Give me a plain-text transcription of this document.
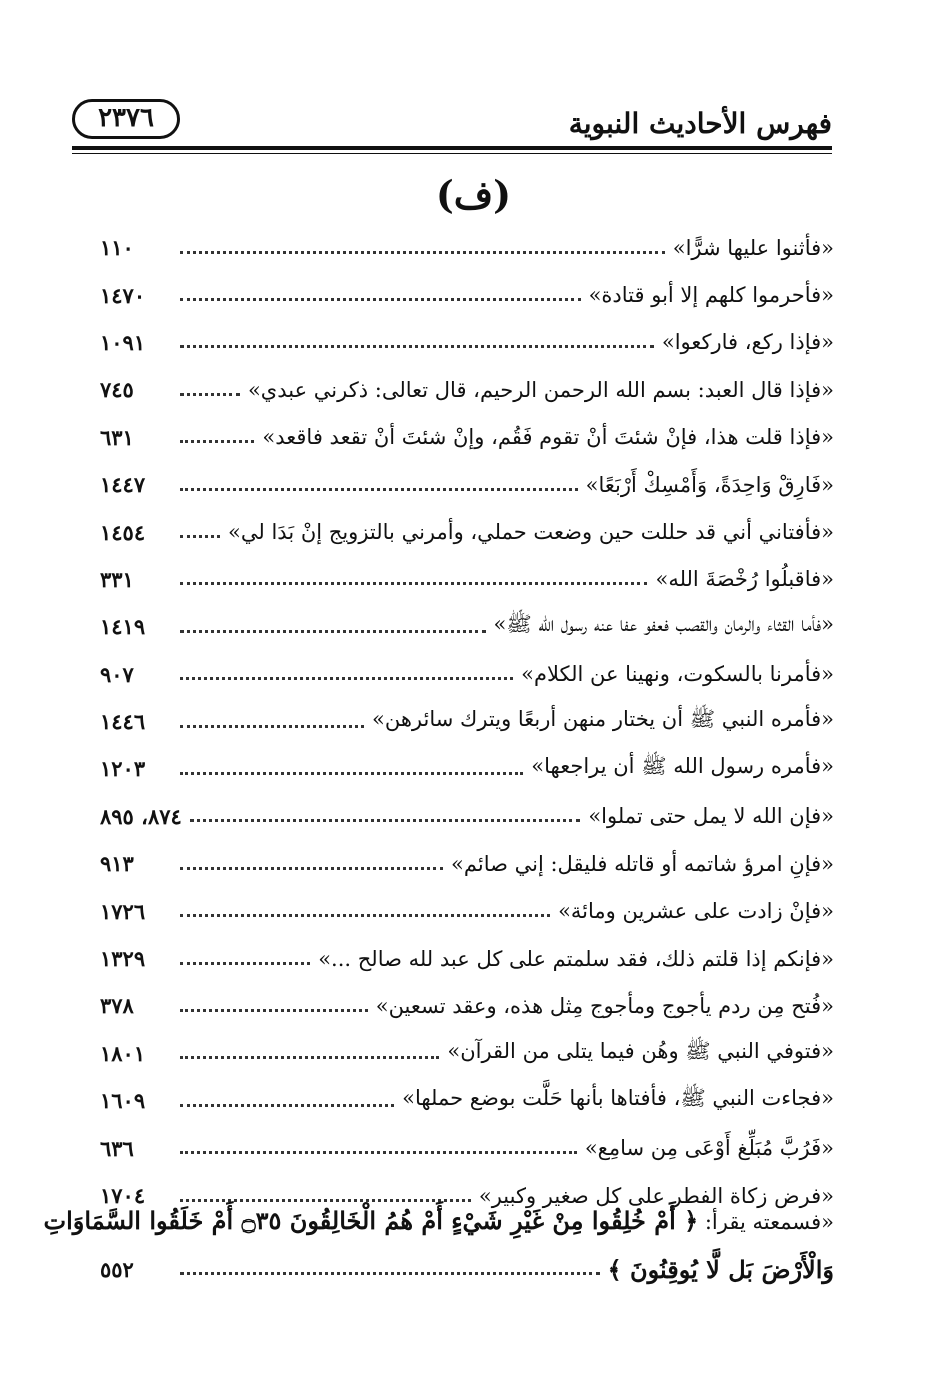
فهرس الأحاديث النبوية
٢٣٧٦
(ف)
«فأثنوا عليها شرًّا»
١١٠
«فأحرموا كلهم إلا أبو قتادة»
١٤٧٠
«فإذا ركع، فاركعوا»
١٠٩١
«فإذا قال العبد: بسم الله الرحمن الرحيم، قال تعالى: ذكرني عبدي»
٧٤٥
«فإذا قلت هذا، فإنْ شئتَ أنْ تقوم فَقُم، وإنْ شئتَ أنْ تقعد فاقعد»
٦٣١
«فَارِقْ وَاحِدَةً، وَأَمْسِكْ أَرْبَعًا»
١٤٤٧
«فأفتاني أني قد حللت حين وضعت حملي، وأمرني بالتزويج إنْ بَدَا لي»
١٤٥٤
«فاقبلُوا رُخْصَةَ الله»
٣٣١
«فأما القثاء والرمان والقصب فعفو عفا عنه رسول الله ﷺ»
١٤١٩
«فأمرنا بالسكوت، ونهينا عن الكلام»
٩٠٧
«فأمره النبي ﷺ أن يختار منهن أربعًا ويترك سائرهن»
١٤٤٦
«فأمره رسول الله ﷺ أن يراجعها»
١٢٠٣
«فإن الله لا يمل حتى تملوا»
٨٧٤، ٨٩٥
«فإنِ امرؤ شاتمه أو قاتله فليقل: إني صائم»
٩١٣
«فإنْ زادت على عشرين ومائة»
١٧٢٦
«فإنكم إذا قلتم ذلك، فقد سلمتم على كل عبد لله صالح ...»
١٣٢٩
«فُتح مِن ردم يأجوج ومأجوج مِثل هذه، وعقد تسعين»
٣٧٨
«فتوفي النبي ﷺ وهُن فيما يتلى من القرآن»
١٨٠١
«فجاءت النبي ﷺ، فأفتاها بأنها حَلَّت بوضع حملها»
١٦٠٩
«فَرُبَّ مُبَلِّغ أَوْعَى مِن سامِع»
٦٣٦
«فرض زكاة الفطر على كل صغير وكبير»
١٧٠٤
«فسمعته يقرأ: ﴿ أَمْ خُلِقُوا مِنْ غَيْرِ شَيْءٍ أَمْ هُمُ الْخَالِقُونَ ۝٣٥ أَمْ خَلَقُوا السَّمَاوَاتِ
وَالْأَرْضَ بَل لَّا يُوقِنُونَ ﴾
٥٥٢
